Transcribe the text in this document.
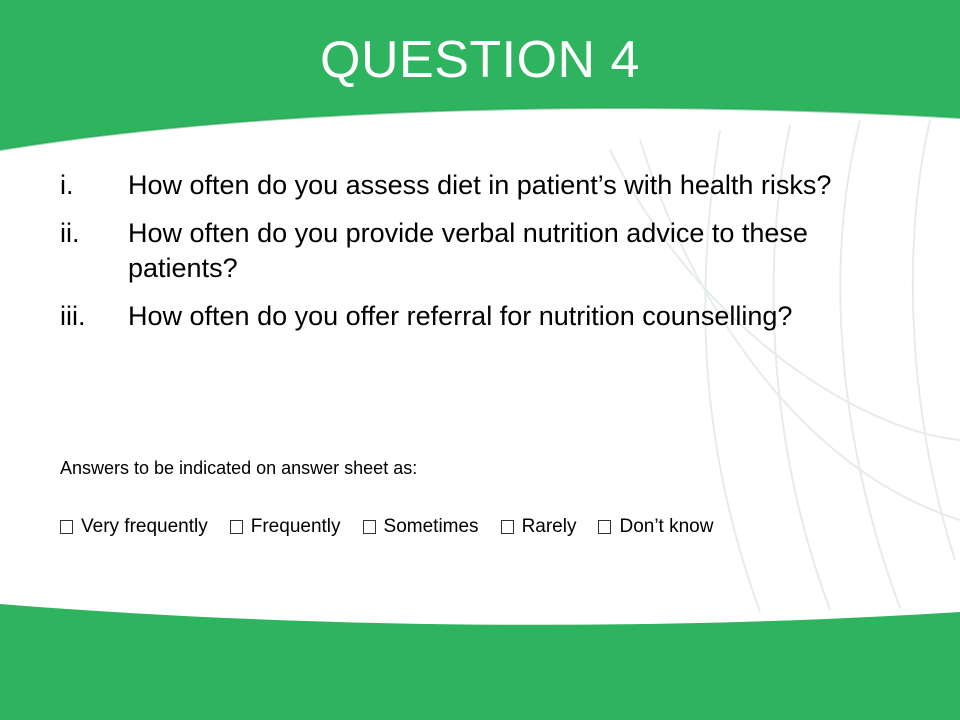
QUESTION 4
i.	How often do you assess diet in patient’s with health risks?
ii.	How often do you provide verbal nutrition advice to these patients?
iii.	How often do you offer referral for nutrition counselling?

Answers to be indicated on answer sheet as:

Very frequently Frequently Sometimes Rarely Don’t know
